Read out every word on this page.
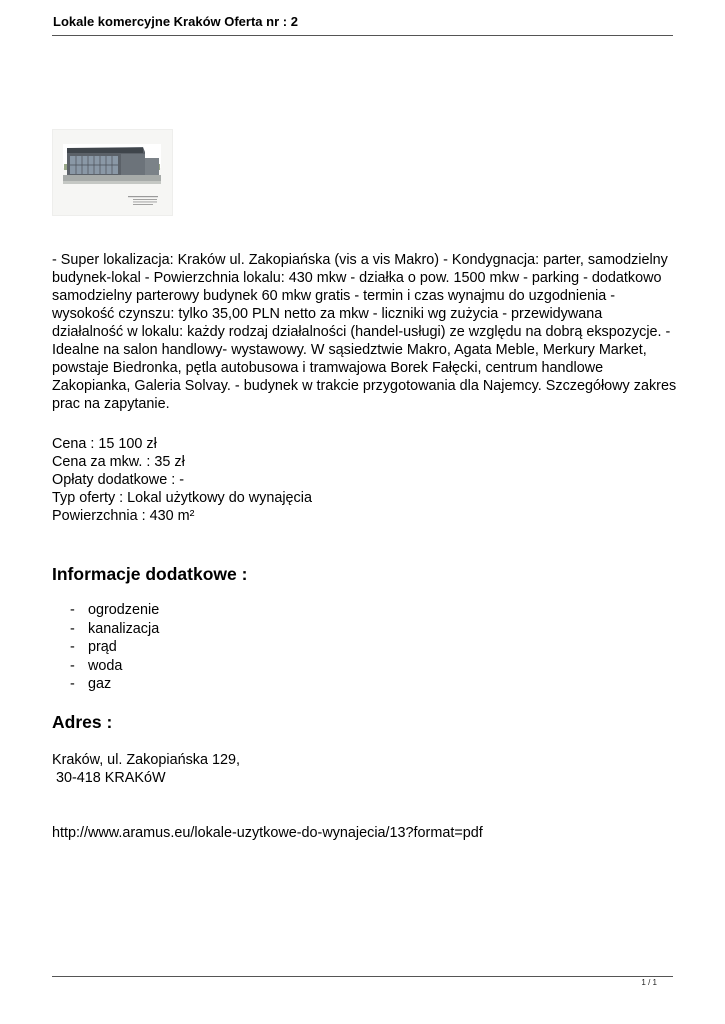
Lokale komercyjne Kraków Oferta nr : 2

- Super lokalizacja: Kraków ul. Zakopiańska (vis a vis Makro) - Kondygnacja: parter, samodzielny budynek-lokal - Powierzchnia lokalu: 430 mkw - działka o pow. 1500 mkw - parking - dodatkowo samodzielny parterowy budynek 60 mkw gratis - termin i czas wynajmu do uzgodnienia - wysokość czynszu: tylko 35,00 PLN netto za mkw - liczniki wg zużycia - przewidywana działalność w lokalu: każdy rodzaj działalności (handel-usługi) ze względu na dobrą ekspozycje. - Idealne na salon handlowy- wystawowy. W sąsiedztwie Makro, Agata Meble, Merkury Market, powstaje Biedronka, pętla autobusowa i tramwajowa Borek Fałęcki, centrum handlowe Zakopianka, Galeria Solvay. - budynek w trakcie przygotowania dla Najemcy. Szczegółowy zakres prac na zapytanie.

Cena : 15 100 zł
Cena za mkw. : 35 zł
Opłaty dodatkowe : -
Typ oferty : Lokal użytkowy do wynajęcia
Powierzchnia : 430 m²
Informacje dodatkowe :
- ogrodzenie
- kanalizacja
- prąd
- woda
- gaz
Adres :
Kraków, ul. Zakopiańska 129,
30-418 KRAKóW
http://www.aramus.eu/lokale-uzytkowe-do-wynajecia/13?format=pdf
1 / 1
